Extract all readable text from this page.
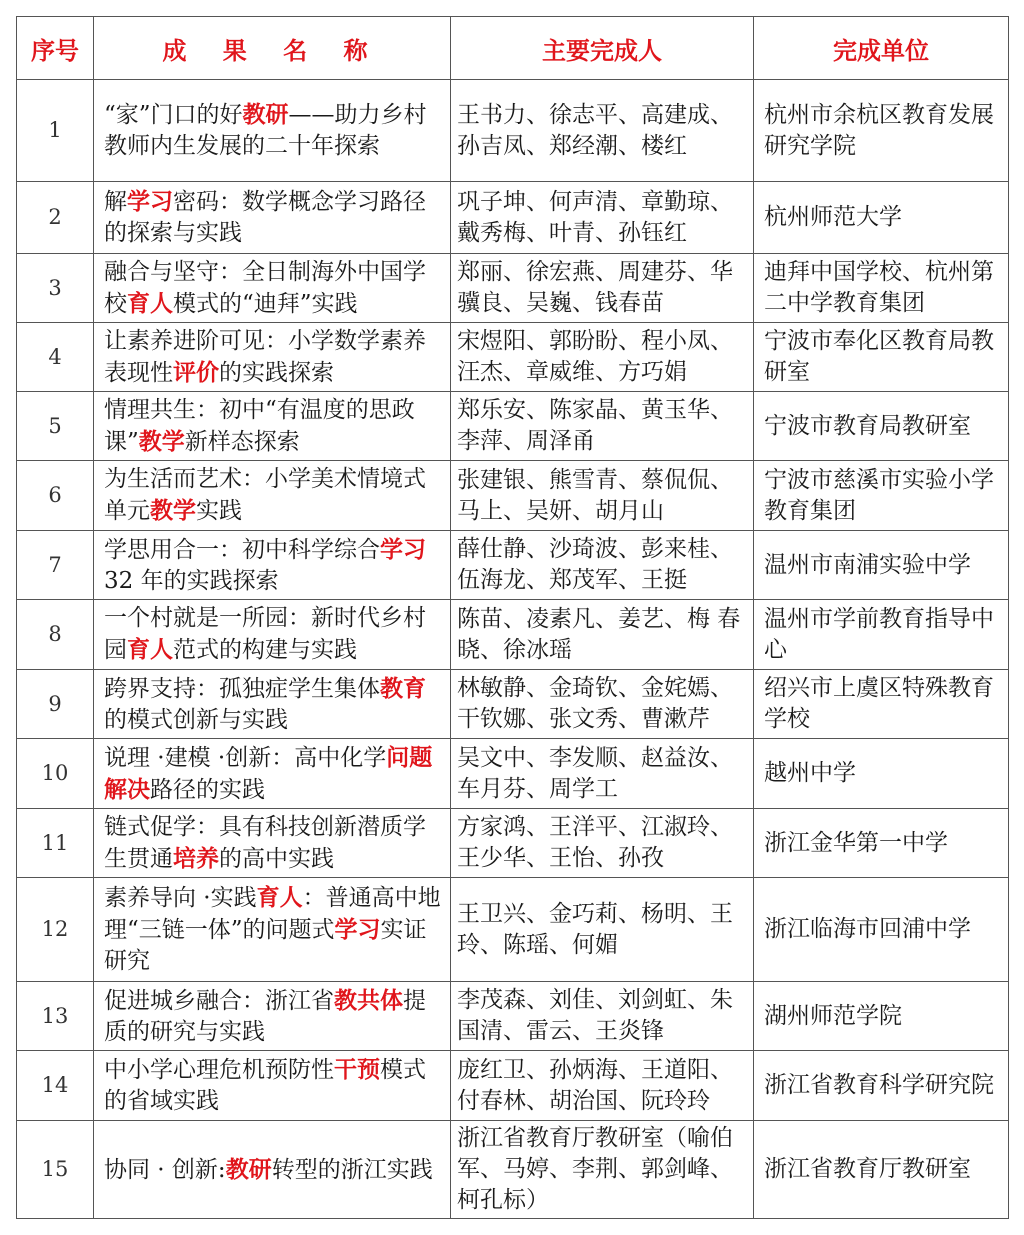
序号	成 果 名 称	主要完成人	完成单位
1	“家”门口的好教研——助力乡村教师内生发展的二十年探索	王书力、徐志平、高建成、孙吉凤、郑经潮、楼红	杭州市余杭区教育发展研究学院
2	解学习密码：数学概念学习路径的探索与实践	巩子坤、何声清、章勤琼、戴秀梅、叶青、孙钰红	杭州师范大学
3	融合与坚守：全日制海外中国学校育人模式的“迪拜”实践	郑丽、徐宏燕、周建芬、华骥良、吴巍、钱春苗	迪拜中国学校、杭州第二中学教育集团
4	让素养进阶可见：小学数学素养表现性评价的实践探索	宋煜阳、郭盼盼、程小凤、汪杰、章威维、方巧娟	宁波市奉化区教育局教研室
5	情理共生：初中“有温度的思政课”教学新样态探索	郑乐安、陈家晶、黄玉华、李萍、周泽甬	宁波市教育局教研室
6	为生活而艺术：小学美术情境式单元教学实践	张建银、熊雪青、蔡侃侃、马上、吴妍、胡月山	宁波市慈溪市实验小学教育集团
7	学思用合一：初中科学综合学习 32 年的实践探索	薛仕静、沙琦波、彭来桂、伍海龙、郑茂军、王挺	温州市南浦实验中学
8	一个村就是一所园：新时代乡村园育人范式的构建与实践	陈苗、凌素凡、姜艺、梅 春晓、徐冰瑶	温州市学前教育指导中心
9	跨界支持：孤独症学生集体教育的模式创新与实践	林敏静、金琦钦、金姹嫣、干钦娜、张文秀、曹漱芹	绍兴市上虞区特殊教育学校
10	说理 ·建模 ·创新：高中化学问题解决路径的实践	吴文中、李发顺、赵益汝、车月芬、周学工	越州中学
11	链式促学：具有科技创新潜质学生贯通培养的高中实践	方家鸿、王洋平、江淑玲、王少华、王怡、孙孜	浙江金华第一中学
12	素养导向 ·实践育人：普通高中地理“三链一体”的问题式学习实证研究	王卫兴、金巧莉、杨明、王玲、陈瑶、何媚	浙江临海市回浦中学
13	促进城乡融合：浙江省教共体提质的研究与实践	李茂森、刘佳、刘剑虹、朱国清、雷云、王炎锋	湖州师范学院
14	中小学心理危机预防性干预模式的省域实践	庞红卫、孙炳海、王道阳、付春林、胡治国、阮玲玲	浙江省教育科学研究院
15	协同 · 创新:教研转型的浙江实践	浙江省教育厅教研室（喻伯军、马婷、李荆、郭剑峰、柯孔标）	浙江省教育厅教研室
